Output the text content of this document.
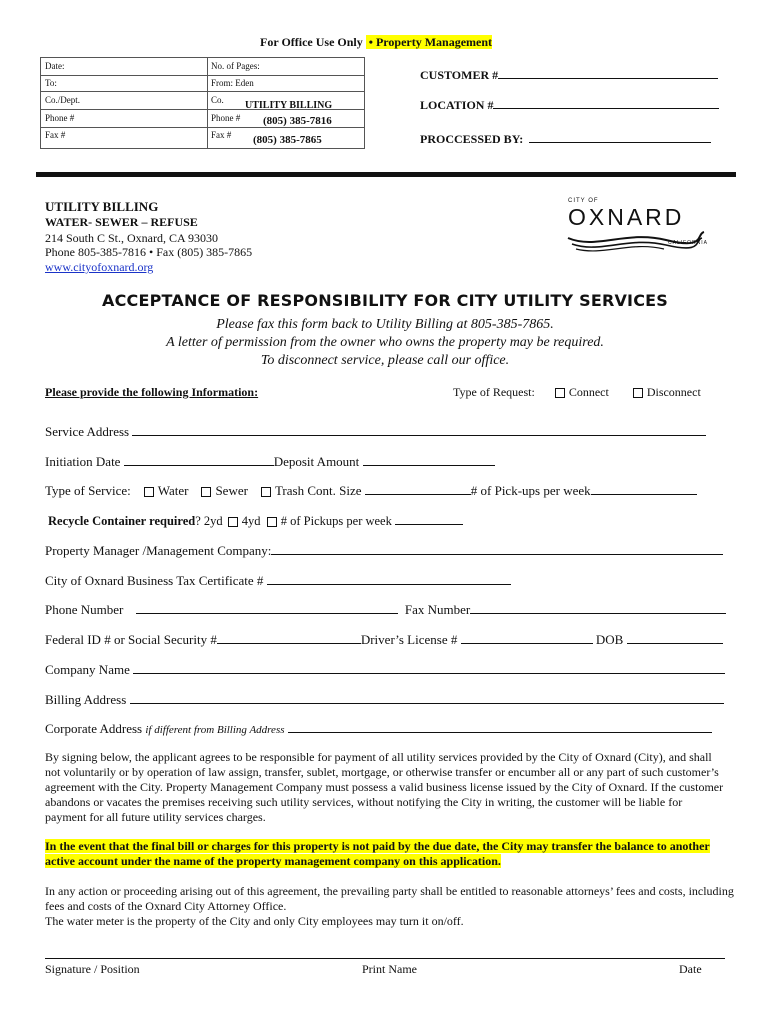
For Office Use Only • Property Management
Date:	No. of Pages:
To:	From: Eden
Co./Dept.	Co. UTILITY BILLING
Phone #	Phone # (805) 385-7816
Fax #	Fax # (805) 385-7865
CUSTOMER #
LOCATION #
PROCCESSED BY:
UTILITY BILLING
WATER- SEWER – REFUSE
214 South C St., Oxnard, CA 93030
Phone 805-385-7816 • Fax (805) 385-7865
www.cityofoxnard.org
CITY OF
OXNARD
CALIFORNIA
ACCEPTANCE OF RESPONSIBILITY FOR CITY UTILITY SERVICES
Please fax this form back to Utility Billing at 805-385-7865.
A letter of permission from the owner who owns the property may be required.
To disconnect service, please call our office.
Please provide the following Information:	Type of Request:	Connect	Disconnect
Service Address
Initiation Date	Deposit Amount
Type of Service: Water Sewer Trash Cont. Size	# of Pick-ups per week
Recycle Container required? 2yd 4yd # of Pickups per week
Property Manager /Management Company:
City of Oxnard Business Tax Certificate #
Phone Number	Fax Number
Federal ID # or Social Security #	Driver’s License #	DOB
Company Name
Billing Address
Corporate Address if different from Billing Address
By signing below, the applicant agrees to be responsible for payment of all utility services provided by the City of Oxnard (City), and shall not voluntarily or by operation of law assign, transfer, sublet, mortgage, or otherwise transfer or encumber all or any part of such customer’s agreement with the City. Property Management Company must possess a valid business license issued by the City of Oxnard. If the customer abandons or vacates the premises receiving such utility services, without notifying the City in writing, the customer will be liable for payment for all future utility services charges.
In the event that the final bill or charges for this property is not paid by the due date, the City may transfer the balance to another active account under the name of the property management company on this application.
In any action or proceeding arising out of this agreement, the prevailing party shall be entitled to reasonable attorneys’ fees and costs, including fees and costs of the Oxnard City Attorney Office.
The water meter is the property of the City and only City employees may turn it on/off.
Signature / Position	Print Name	Date
